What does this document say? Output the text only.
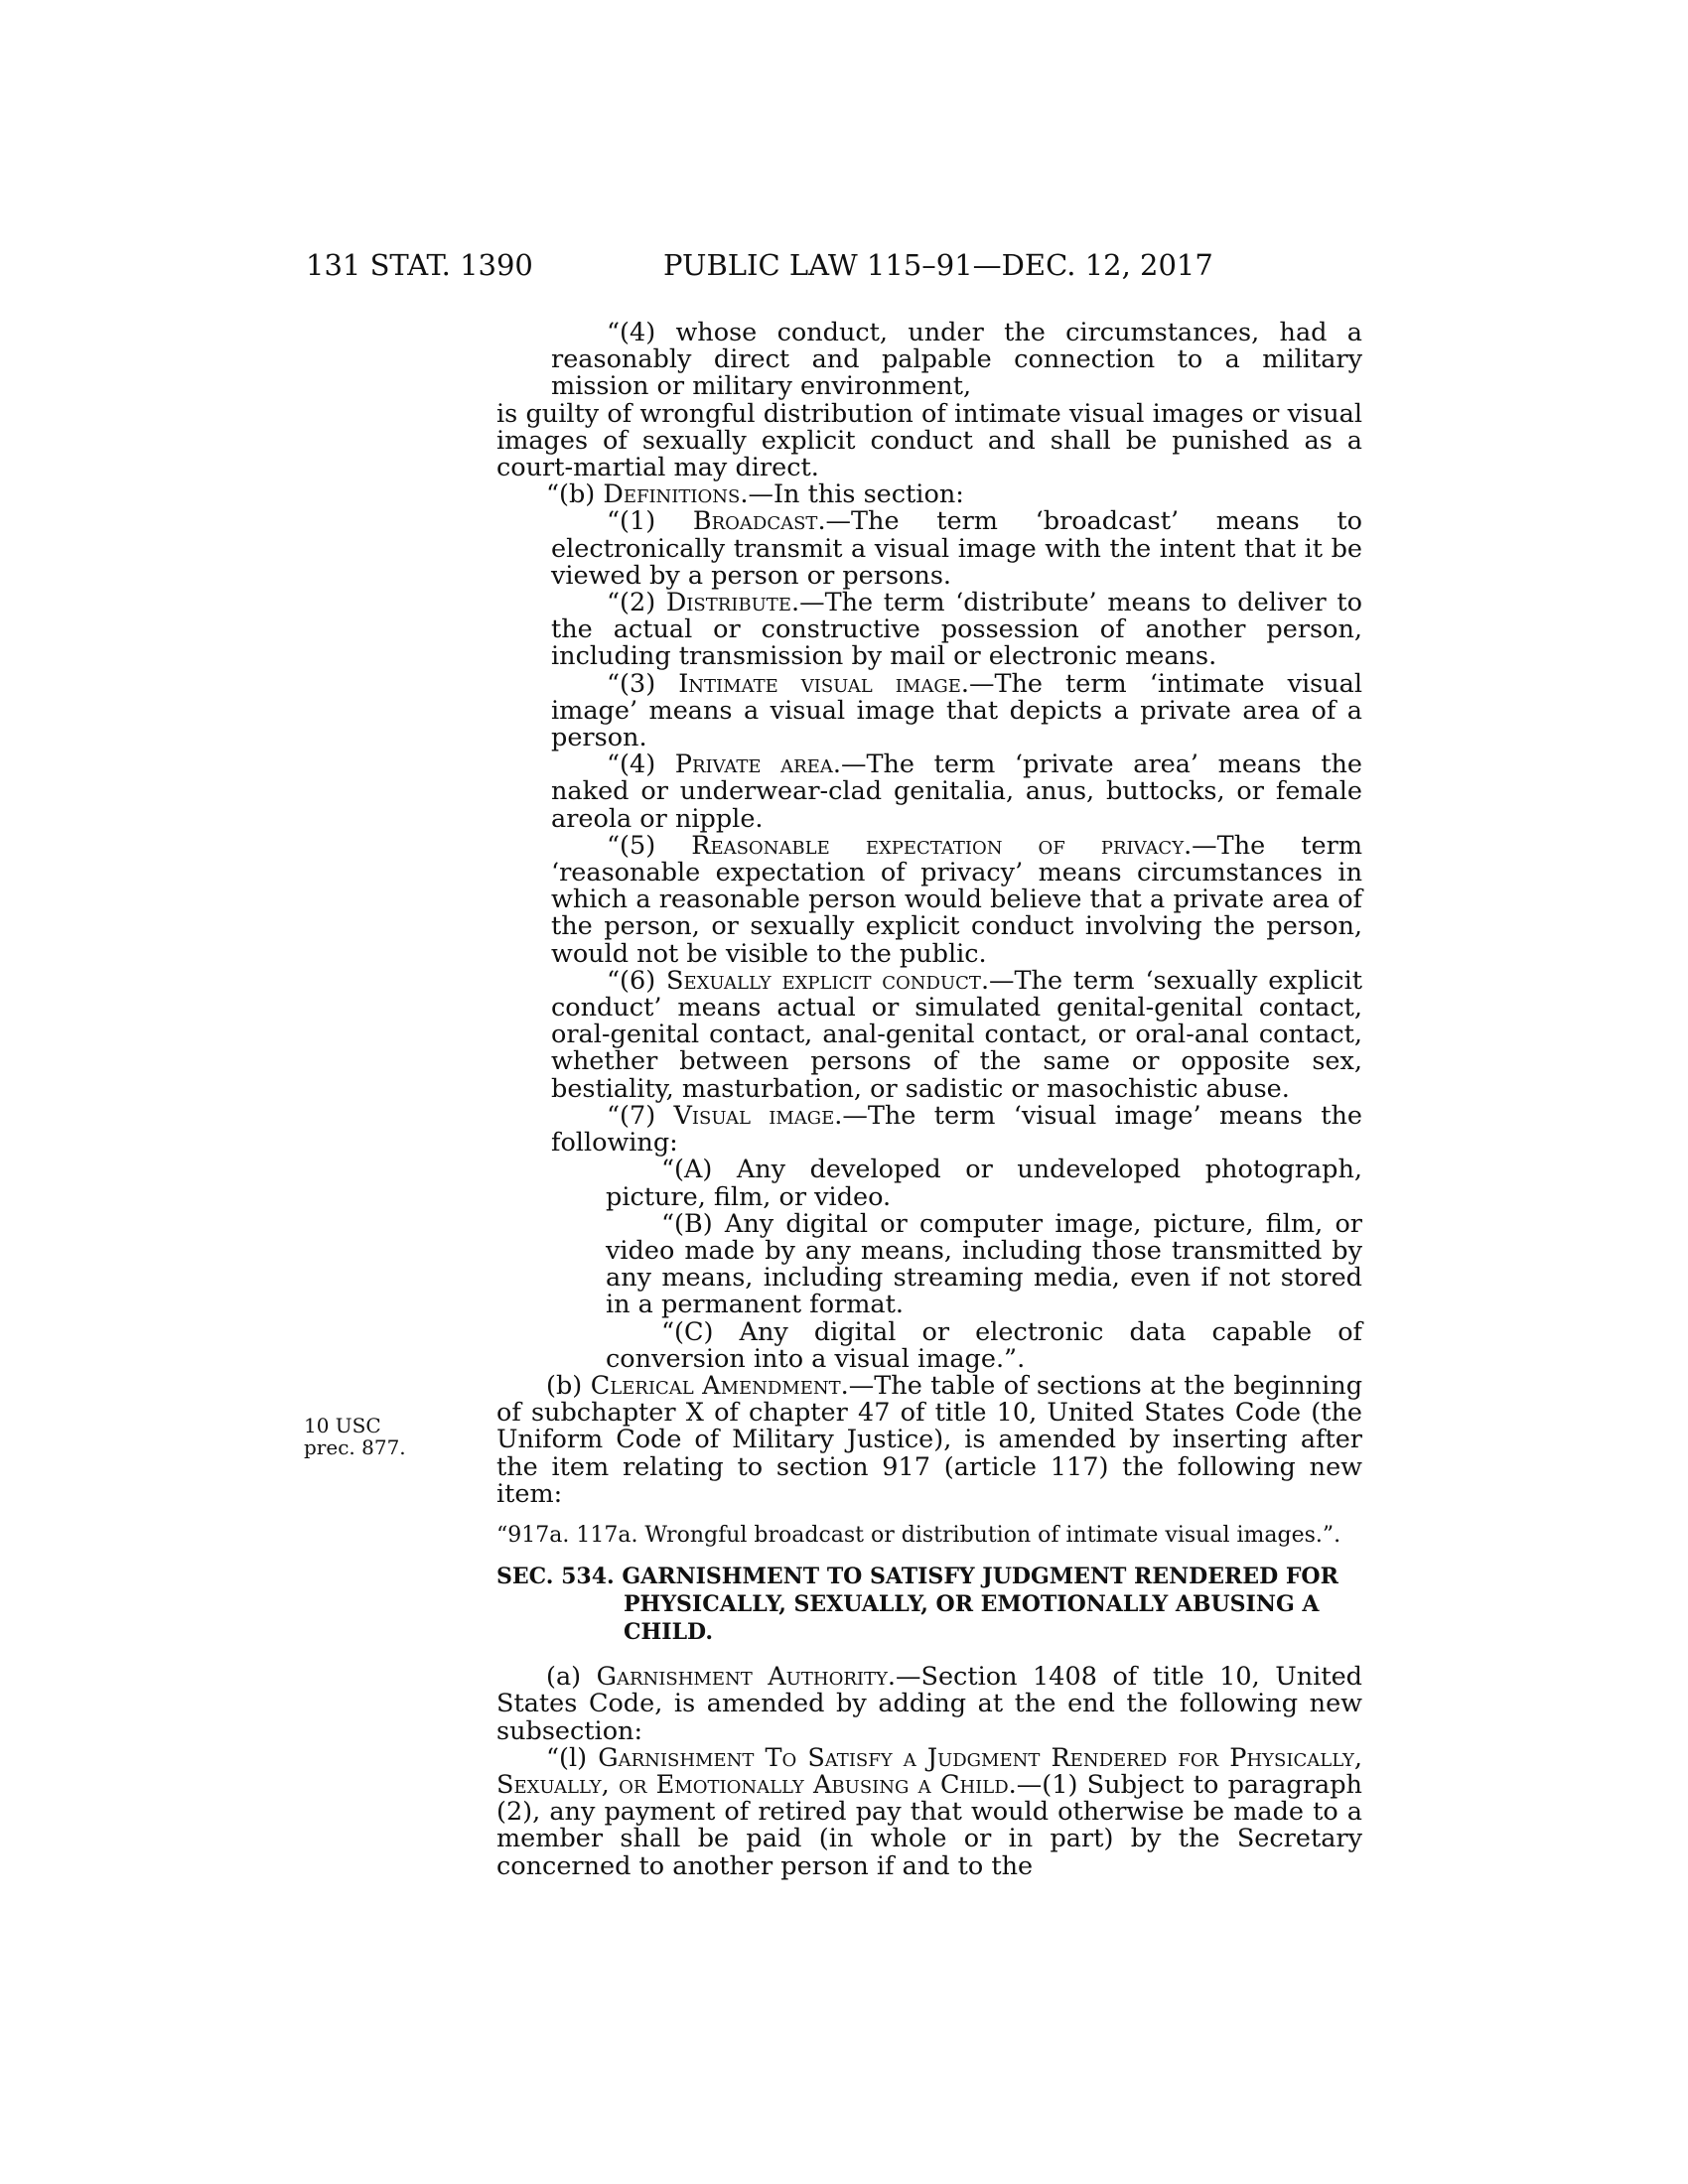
131 STAT. 1390	PUBLIC LAW 115–91—DEC. 12, 2017
10 USC
prec. 877.

“(4) whose conduct, under the circumstances, had a reasonably direct and palpable connection to a military mission or military environment,

is guilty of wrongful distribution of intimate visual images or visual images of sexually explicit conduct and shall be punished as a court-martial may direct.

“(b) Definitions.—In this section:

“(1) Broadcast.—The term ‘broadcast’ means to electronically transmit a visual image with the intent that it be viewed by a person or persons.

“(2) Distribute.—The term ‘distribute’ means to deliver to the actual or constructive possession of another person, including transmission by mail or electronic means.

“(3) Intimate visual image.—The term ‘intimate visual image’ means a visual image that depicts a private area of a person.

“(4) Private area.—The term ‘private area’ means the naked or underwear-clad genitalia, anus, buttocks, or female areola or nipple.

“(5) Reasonable expectation of privacy.—The term ‘reasonable expectation of privacy’ means circumstances in which a reasonable person would believe that a private area of the person, or sexually explicit conduct involving the person, would not be visible to the public.

“(6) Sexually explicit conduct.—The term ‘sexually explicit conduct’ means actual or simulated genital-genital contact, oral-genital contact, anal-genital contact, or oral-anal contact, whether between persons of the same or opposite sex, bestiality, masturbation, or sadistic or masochistic abuse.

“(7) Visual image.—The term ‘visual image’ means the following:

“(A) Any developed or undeveloped photograph, picture, film, or video.

“(B) Any digital or computer image, picture, film, or video made by any means, including those transmitted by any means, including streaming media, even if not stored in a permanent format.

“(C) Any digital or electronic data capable of conversion into a visual image.”.

(b) Clerical Amendment.—The table of sections at the beginning of subchapter X of chapter 47 of title 10, United States Code (the Uniform Code of Military Justice), is amended by inserting after the item relating to section 917 (article 117) the following new item:

“917a. 117a. Wrongful broadcast or distribution of intimate visual images.”.

SEC. 534. GARNISHMENT TO SATISFY JUDGMENT RENDERED FOR PHYSICALLY, SEXUALLY, OR EMOTIONALLY ABUSING A CHILD.

(a) Garnishment Authority.—Section 1408 of title 10, United States Code, is amended by adding at the end the following new subsection:

“(l) Garnishment To Satisfy a Judgment Rendered for Physically, Sexually, or Emotionally Abusing a Child.—(1) Subject to paragraph (2), any payment of retired pay that would otherwise be made to a member shall be paid (in whole or in part) by the Secretary concerned to another person if and to the
